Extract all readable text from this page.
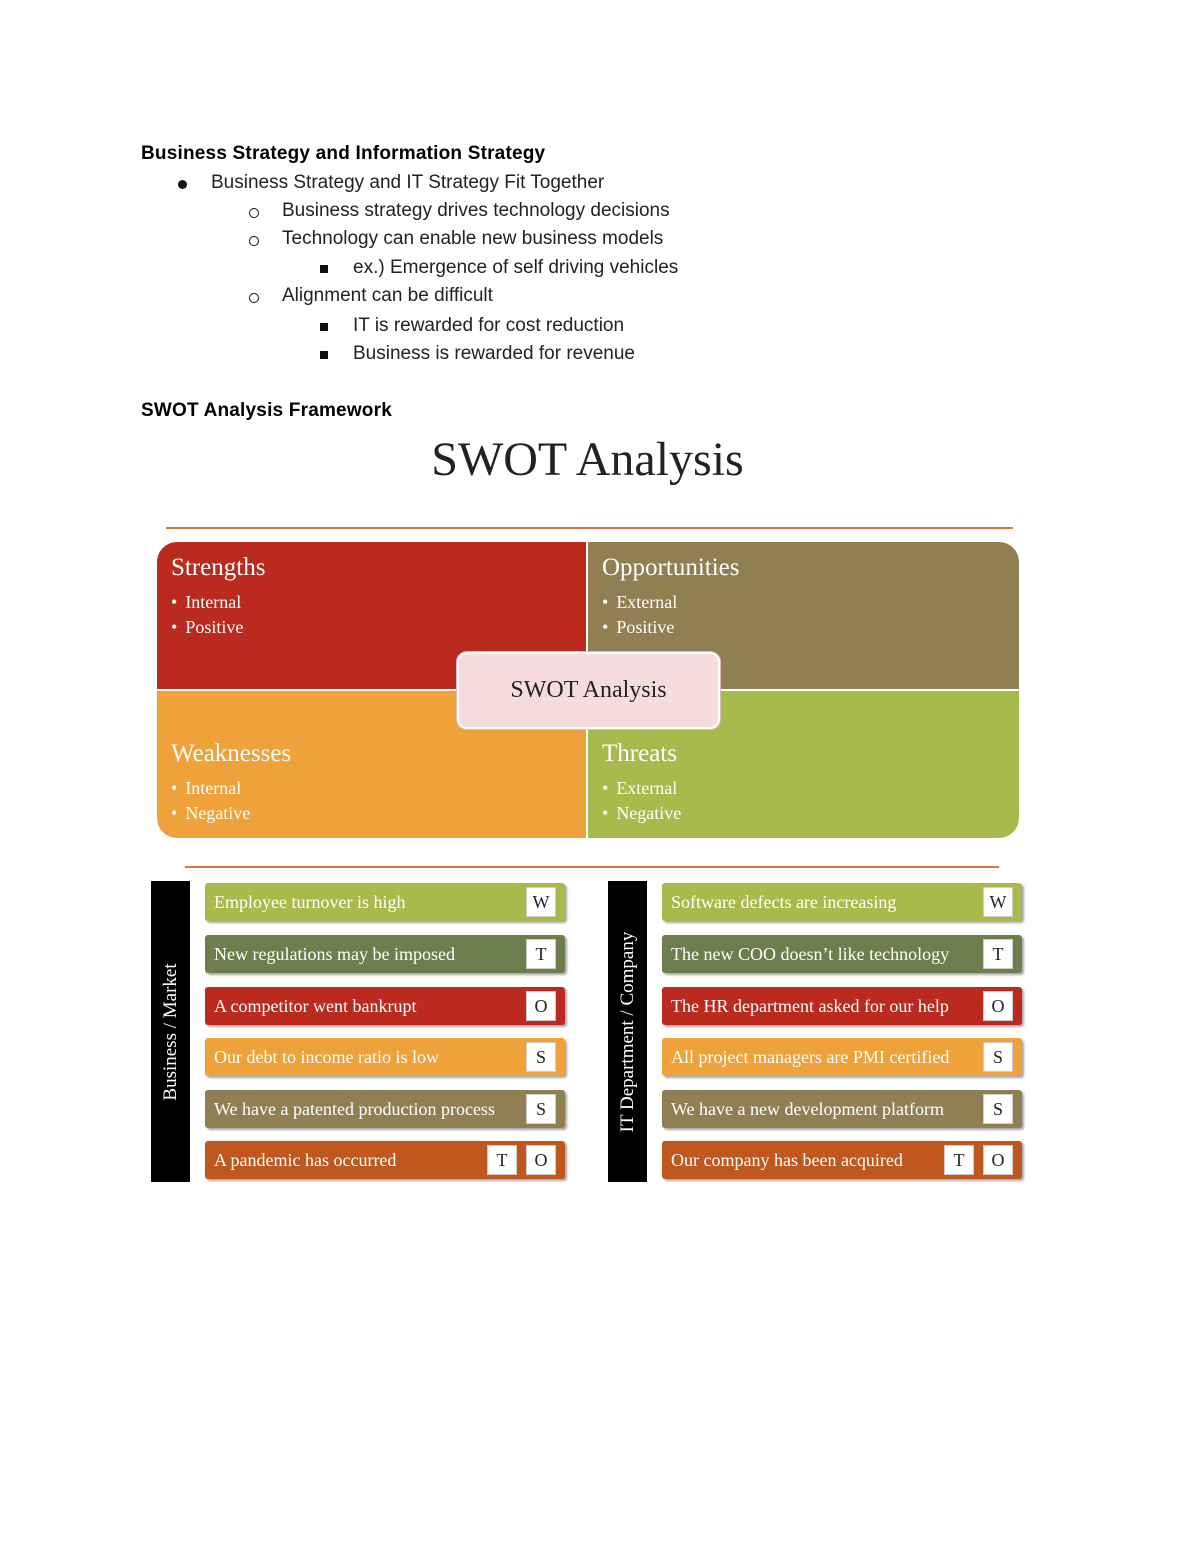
Business Strategy and Information Strategy
Business Strategy and IT Strategy Fit Together
Business strategy drives technology decisions
Technology can enable new business models
ex.) Emergence of self driving vehicles
Alignment can be difficult
IT is rewarded for cost reduction
Business is rewarded for revenue
SWOT Analysis Framework
SWOT Analysis
Strengths
• Internal
• Positive
Opportunities
• External
• Positive
Weaknesses
• Internal
• Negative
Threats
• External
• Negative
SWOT Analysis
Business / Market	IT Department / Company
Employee turnover is high	W
New regulations may be imposed	T
A competitor went bankrupt	O
Our debt to income ratio is low	S
We have a patented production process	S
A pandemic has occurred	T	O
Software defects are increasing	W
The new COO doesn’t like technology	T
The HR department asked for our help	O
All project managers are PMI certified	S
We have a new development platform	S
Our company has been acquired	T	O
